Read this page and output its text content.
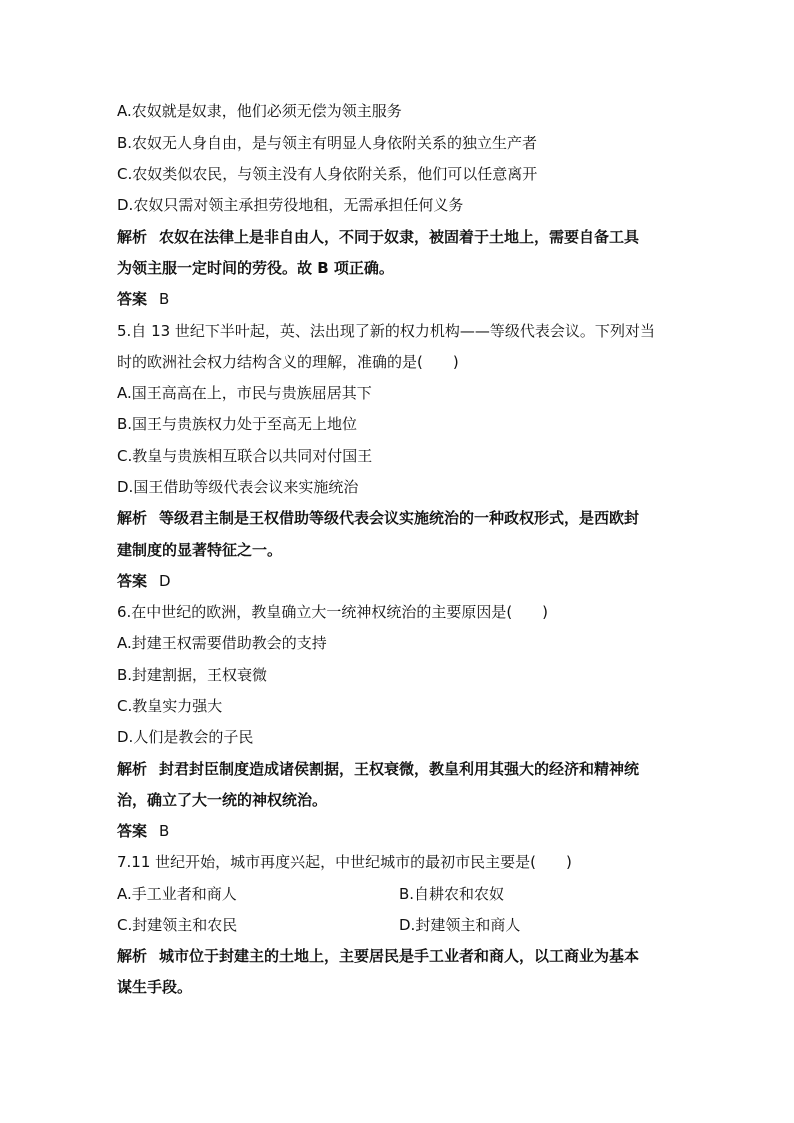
A.农奴就是奴隶，他们必须无偿为领主服务
B.农奴无人身自由，是与领主有明显人身依附关系的独立生产者
C.农奴类似农民，与领主没有人身依附关系，他们可以任意离开
D.农奴只需对领主承担劳役地租，无需承担任何义务
解析 农奴在法律上是非自由人，不同于奴隶，被固着于土地上，需要自备工具
为领主服一定时间的劳役。故 B 项正确。
答案 B
5.自 13 世纪下半叶起，英、法出现了新的权力机构——等级代表会议。下列对当
时的欧洲社会权力结构含义的理解，准确的是(　　)
A.国王高高在上，市民与贵族屈居其下
B.国王与贵族权力处于至高无上地位
C.教皇与贵族相互联合以共同对付国王
D.国王借助等级代表会议来实施统治
解析 等级君主制是王权借助等级代表会议实施统治的一种政权形式，是西欧封
建制度的显著特征之一。
答案 D
6.在中世纪的欧洲，教皇确立大一统神权统治的主要原因是(　　)
A.封建王权需要借助教会的支持
B.封建割据，王权衰微
C.教皇实力强大
D.人们是教会的子民
解析 封君封臣制度造成诸侯割据，王权衰微，教皇利用其强大的经济和精神统
治，确立了大一统的神权统治。
答案 B
7.11 世纪开始，城市再度兴起，中世纪城市的最初市民主要是(　　)
A.手工业者和商人	B.自耕农和农奴
C.封建领主和农民	D.封建领主和商人
解析 城市位于封建主的土地上，主要居民是手工业者和商人，以工商业为基本
谋生手段。
